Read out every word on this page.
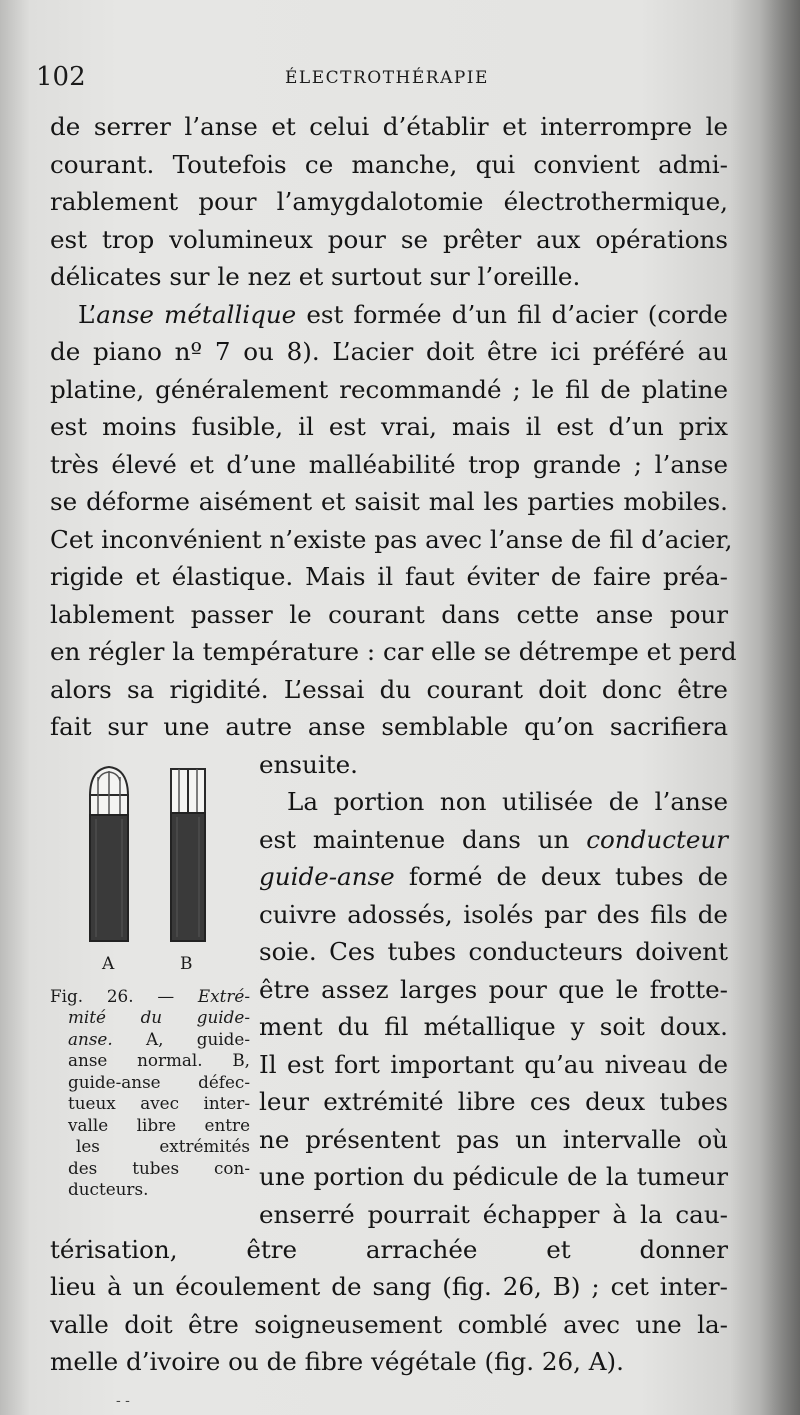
102	ÉLECTROTHÉRAPIE
de serrer l’anse et celui d’établir et interrompre le
courant. Toutefois ce manche, qui convient admi-
rablement pour l’amygdalotomie électrothermique,
est trop volumineux pour se prêter aux opérations
délicates sur le nez et surtout sur l’oreille.
L’anse métallique est formée d’un fil d’acier (corde
de piano nº 7 ou 8). L’acier doit être ici préféré au
platine, généralement recommandé ; le fil de platine
est moins fusible, il est vrai, mais il est d’un prix
très élevé et d’une malléabilité trop grande ; l’anse
se déforme aisément et saisit mal les parties mobiles.
Cet inconvénient n’existe pas avec l’anse de fil d’acier,
rigide et élastique. Mais il faut éviter de faire préa-
lablement passer le courant dans cette anse pour
en régler la température : car elle se détrempe et perd
alors sa rigidité. L’essai du courant doit donc être
fait sur une autre anse semblable qu’on sacrifiera
A	B
Fig. 26. — Extré-
mité du guide-
anse. A, guide-
anse normal. B,
guide-anse défec-
tueux avec inter-
valle libre entre
les extrémités
des tubes con-
ducteurs.
ensuite.
La portion non utilisée de l’anse
est maintenue dans un conducteur
guide-anse formé de deux tubes de
cuivre adossés, isolés par des fils de
soie. Ces tubes conducteurs doivent
être assez larges pour que le frotte-
ment du fil métallique y soit doux.
Il est fort important qu’au niveau de
leur extrémité libre ces deux tubes
ne présentent pas un intervalle où
une portion du pédicule de la tumeur
enserré pourrait échapper à la cau-
térisation, être arrachée et donner
lieu à un écoulement de sang (fig. 26, B) ; cet inter-
valle doit être soigneusement comblé avec une la-
melle d’ivoire ou de fibre végétale (fig. 26, A).
- -
